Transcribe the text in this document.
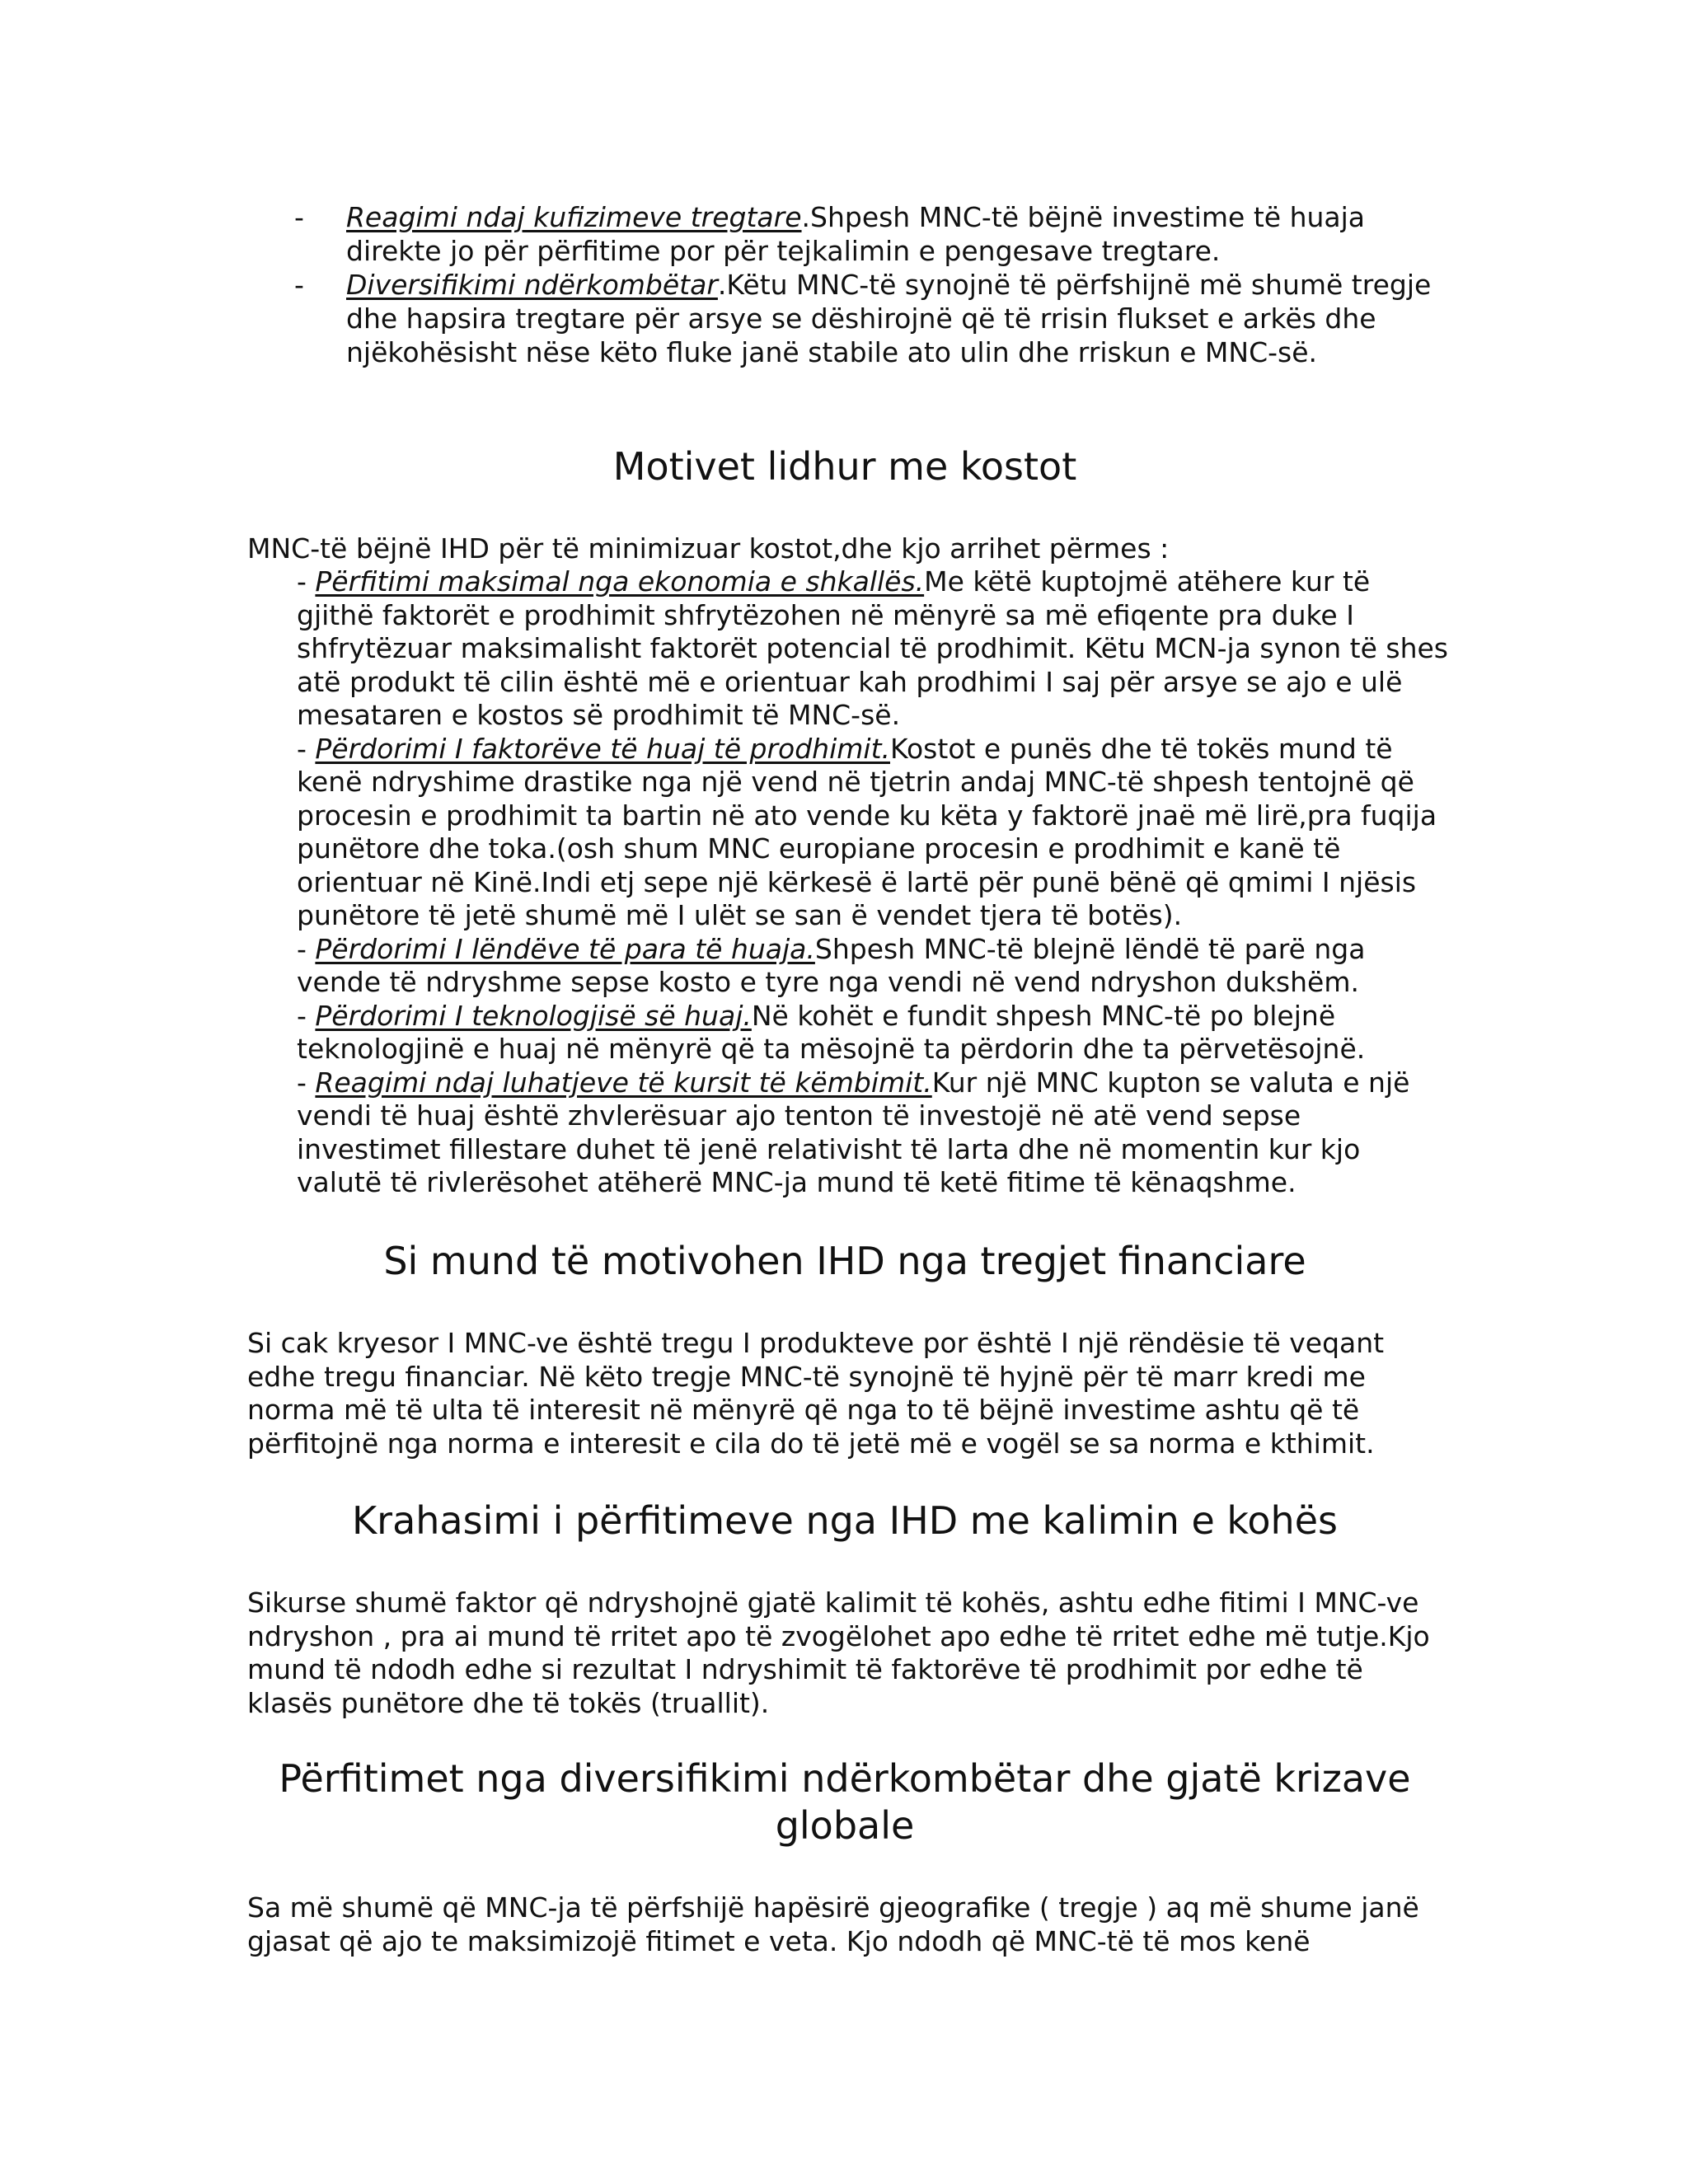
- Reagimi ndaj kufizimeve tregtare.Shpesh MNC-të bëjnë investime të huaja direkte jo për përfitime por për tejkalimin e pengesave tregtare.
- Diversifikimi ndërkombëtar.Këtu MNC-të synojnë të përfshijnë më shumë tregje dhe hapsira tregtare për arsye se dëshirojnë që të rrisin flukset e arkës dhe njëkohësisht nëse këto fluke janë stabile ato ulin dhe rriskun e MNC-së.
Motivet lidhur me kostot

MNC-të bëjnë IHD për të minimizuar kostot,dhe kjo arrihet përmes :

- Përfitimi maksimal nga ekonomia e shkallës.Me këtë kuptojmë atëhere kur të gjithë faktorët e prodhimit shfrytëzohen në mënyrë sa më efiqente pra duke I shfrytëzuar maksimalisht faktorët potencial të prodhimit. Këtu MCN-ja synon të shes atë produkt të cilin është më e orientuar kah prodhimi I saj për arsye se ajo e ulë mesataren e kostos së prodhimit të MNC-së.
- Përdorimi I faktorëve të huaj të prodhimit.Kostot e punës dhe të tokës mund të kenë ndryshime drastike nga një vend në tjetrin andaj MNC-të shpesh tentojnë që procesin e prodhimit ta bartin në ato vende ku këta y faktorë jnaë më lirë,pra fuqija punëtore dhe toka.(osh shum MNC europiane procesin e prodhimit e kanë të orientuar në Kinë.Indi etj sepe një kërkesë ë lartë për punë bënë që qmimi I njësis punëtore të jetë shumë më I ulët se san ë vendet tjera të botës).
- Përdorimi I lëndëve të para të huaja.Shpesh MNC-të blejnë lëndë të parë nga vende të ndryshme sepse kosto e tyre nga vendi në vend ndryshon dukshëm.
- Përdorimi I teknologjisë së huaj.Në kohët e fundit shpesh MNC-të po blejnë teknologjinë e huaj në mënyrë që ta mësojnë ta përdorin dhe ta përvetësojnë.
- Reagimi ndaj luhatjeve të kursit të këmbimit.Kur një MNC kupton se valuta e një vendi të huaj është zhvlerësuar ajo tenton të investojë në atë vend sepse investimet fillestare duhet të jenë relativisht të larta dhe në momentin kur kjo valutë të rivlerësohet atëherë MNC-ja mund të ketë fitime të kënaqshme.
Si mund të motivohen IHD nga tregjet financiare

Si cak kryesor I MNC-ve është tregu I produkteve por është I një rëndësie të veqant edhe tregu financiar. Në këto tregje MNC-të synojnë të hyjnë për të marr kredi me norma më të ulta të interesit në mënyrë që nga to të bëjnë investime ashtu që të përfitojnë nga norma e interesit e cila do të jetë më e vogël se sa norma e kthimit.

Krahasimi i përfitimeve nga IHD me kalimin e kohës

Sikurse shumë faktor që ndryshojnë gjatë kalimit të kohës, ashtu edhe fitimi I MNC-ve ndryshon , pra ai mund të rritet apo të zvogëlohet apo edhe të rritet edhe më tutje.Kjo mund të ndodh edhe si rezultat I ndryshimit të faktorëve të prodhimit por edhe të klasës punëtore dhe të tokës (truallit).

Përfitimet nga diversifikimi ndërkombëtar dhe gjatë krizave globale

Sa më shumë që MNC-ja të përfshijë hapësirë gjeografike ( tregje ) aq më shume janë gjasat që ajo te maksimizojë fitimet e veta. Kjo ndodh që MNC-të të mos kenë
